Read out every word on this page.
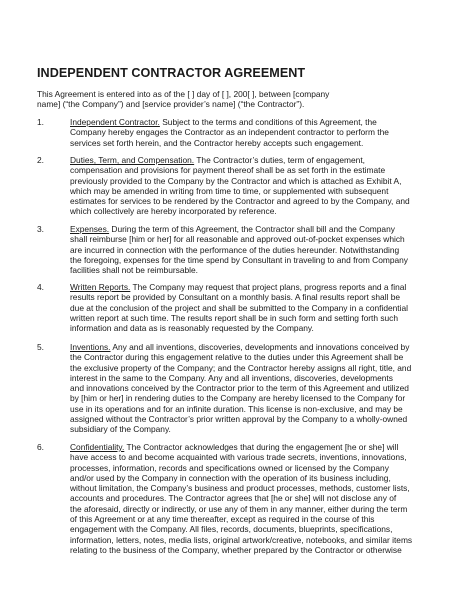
INDEPENDENT CONTRACTOR AGREEMENT
This Agreement is entered into as of the [ ] day of [ ], 200[ ], between [company
name] (“the Company”) and [service provider’s name] (“the Contractor”).
1.	Independent Contractor. Subject to the terms and conditions of this Agreement, the
Company hereby engages the Contractor as an independent contractor to perform the
services set forth herein, and the Contractor hereby accepts such engagement.
2.	Duties, Term, and Compensation. The Contractor’s duties, term of engagement,
compensation and provisions for payment thereof shall be as set forth in the estimate
previously provided to the Company by the Contractor and which is attached as Exhibit A,
which may be amended in writing from time to time, or supplemented with subsequent
estimates for services to be rendered by the Contractor and agreed to by the Company, and
which collectively are hereby incorporated by reference.
3.	Expenses. During the term of this Agreement, the Contractor shall bill and the Company
shall reimburse [him or her] for all reasonable and approved out-of-pocket expenses which
are incurred in connection with the performance of the duties hereunder. Notwithstanding
the foregoing, expenses for the time spend by Consultant in traveling to and from Company
facilities shall not be reimbursable.
4.	Written Reports. The Company may request that project plans, progress reports and a final
results report be provided by Consultant on a monthly basis. A final results report shall be
due at the conclusion of the project and shall be submitted to the Company in a confidential
written report at such time. The results report shall be in such form and setting forth such
information and data as is reasonably requested by the Company.
5.	Inventions. Any and all inventions, discoveries, developments and innovations conceived by
the Contractor during this engagement relative to the duties under this Agreement shall be
the exclusive property of the Company; and the Contractor hereby assigns all right, title, and
interest in the same to the Company. Any and all inventions, discoveries, developments
and innovations conceived by the Contractor prior to the term of this Agreement and utilized
by [him or her] in rendering duties to the Company are hereby licensed to the Company for
use in its operations and for an infinite duration. This license is non-exclusive, and may be
assigned without the Contractor’s prior written approval by the Company to a wholly-owned
subsidiary of the Company.
6.	Confidentiality. The Contractor acknowledges that during the engagement [he or she] will
have access to and become acquainted with various trade secrets, inventions, innovations,
processes, information, records and specifications owned or licensed by the Company
and/or used by the Company in connection with the operation of its business including,
without limitation, the Company’s business and product processes, methods, customer lists,
accounts and procedures. The Contractor agrees that [he or she] will not disclose any of
the aforesaid, directly or indirectly, or use any of them in any manner, either during the term
of this Agreement or at any time thereafter, except as required in the course of this
engagement with the Company. All files, records, documents, blueprints, specifications,
information, letters, notes, media lists, original artwork/creative, notebooks, and similar items
relating to the business of the Company, whether prepared by the Contractor or otherwise
